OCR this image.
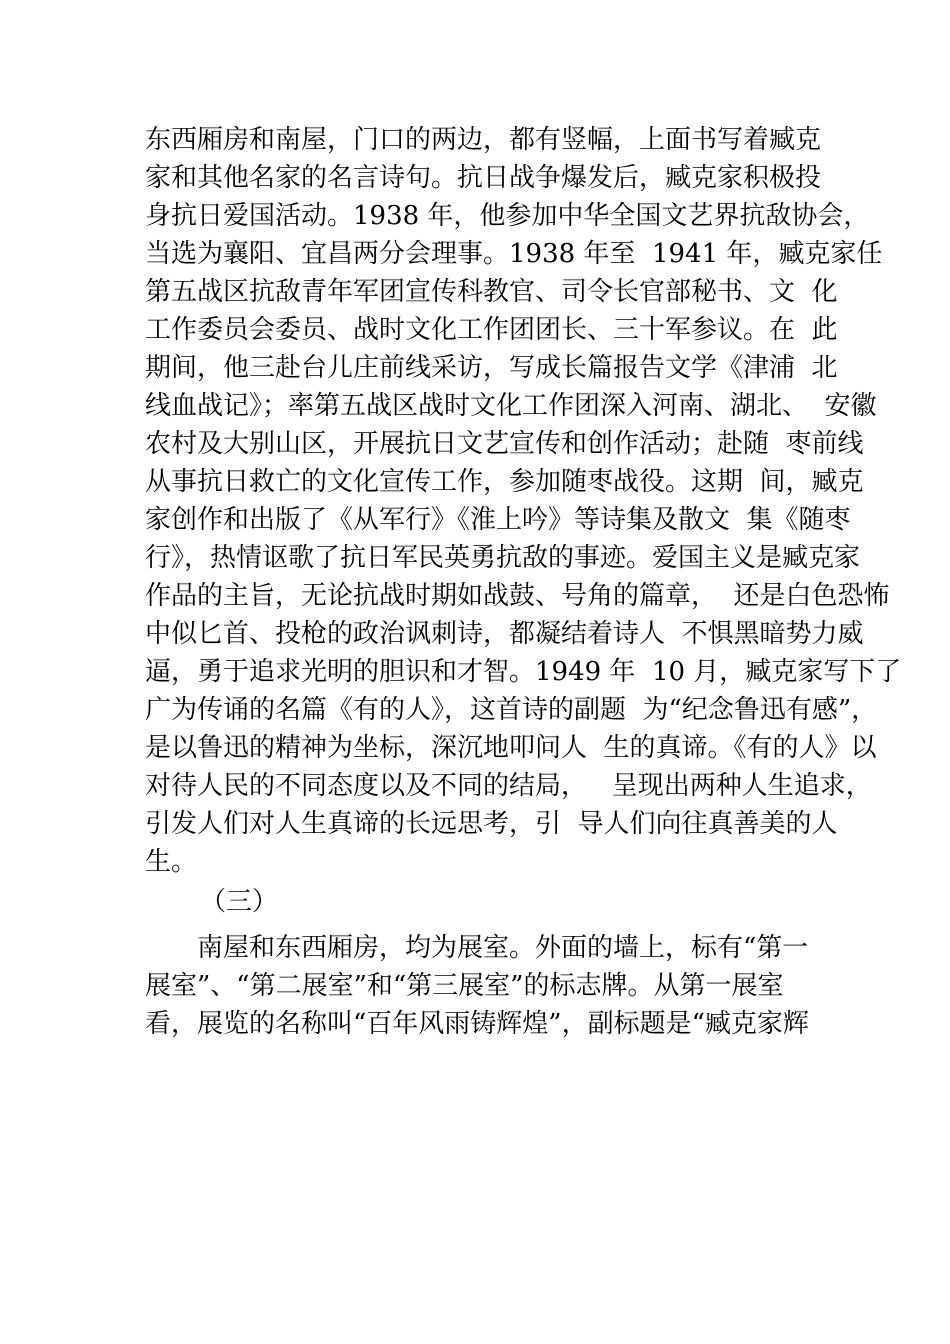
东西厢房和南屋，门口的两边，都有竖幅，上面书写着臧克
家和其他名家的名言诗句。抗日战争爆发后，臧克家积极投
身抗日爱国活动。1938 年，他参加中华全国文艺界抗敌协会，
当选为襄阳、宜昌两分会理事。1938 年至  1941 年，臧克家任
第五战区抗敌青年军团宣传科教官、司令长官部秘书、文  化
工作委员会委员、战时文化工作团团长、三十军参议。在  此
期间，他三赴台儿庄前线采访，写成长篇报告文学《津浦  北
线血战记》；率第五战区战时文化工作团深入河南、湖北、  安徽
农村及大别山区，开展抗日文艺宣传和创作活动；赴随  枣前线
从事抗日救亡的文化宣传工作，参加随枣战役。这期  间，臧克
家创作和出版了《从军行》《淮上吟》等诗集及散文  集《随枣
行》，热情讴歌了抗日军民英勇抗敌的事迹。爱国主义是臧克家
作品的主旨，无论抗战时期如战鼓、号角的篇章，  还是白色恐怖
中似匕首、投枪的政治讽刺诗，都凝结着诗人  不惧黑暗势力威
逼，勇于追求光明的胆识和才智。1949 年  10 月，臧克家写下了
广为传诵的名篇《有的人》，这首诗的副题  为“纪念鲁迅有感”，
是以鲁迅的精神为坐标，深沉地叩问人  生的真谛。《有的人》以
对待人民的不同态度以及不同的结局，   呈现出两种人生追求，
引发人们对人生真谛的长远思考，引  导人们向往真善美的人
生。
（三）
南屋和东西厢房，均为展室。外面的墙上，标有“第一
展室”、“第二展室”和“第三展室”的标志牌。从第一展室
看，展览的名称叫“百年风雨铸辉煌”，副标题是“臧克家辉
